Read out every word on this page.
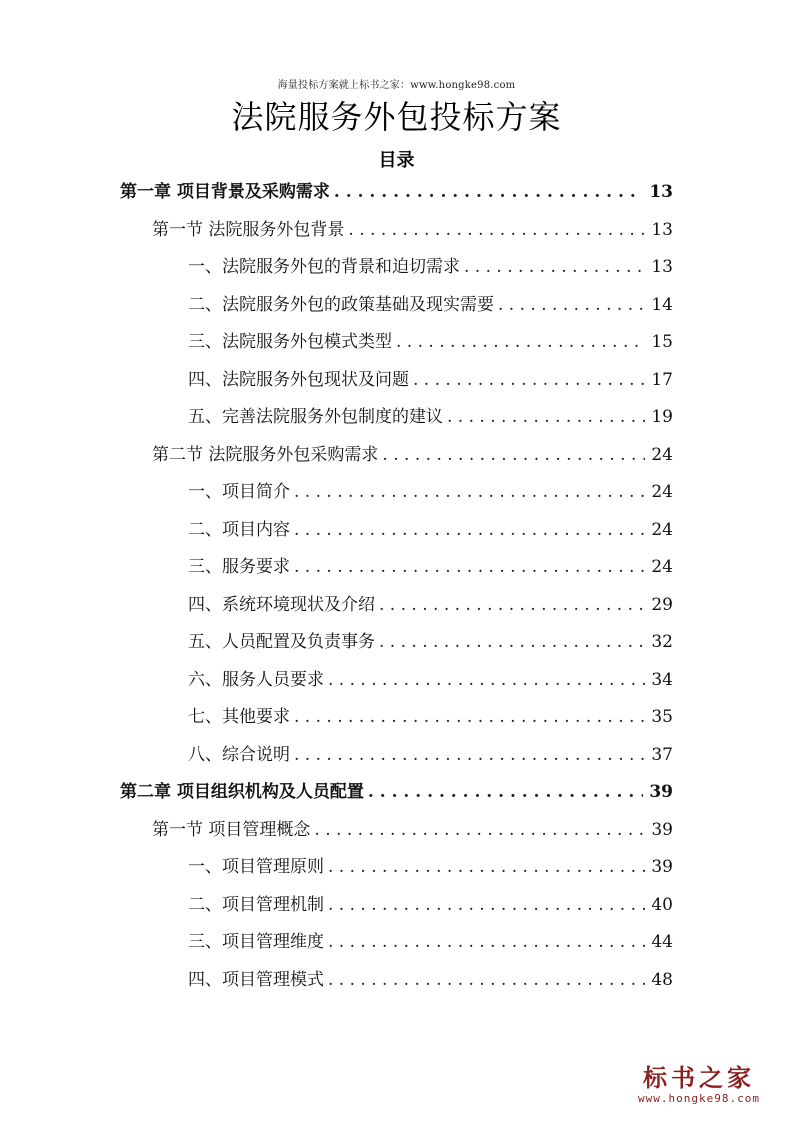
海量投标方案就上标书之家：www.hongke98.com
法院服务外包投标方案
目录
第一章 项目背景及采购需求 . . .	13
第一节 法院服务外包背景 . . .	13
一、法院服务外包的背景和迫切需求 . . .	13
二、法院服务外包的政策基础及现实需要 . . .	14
三、法院服务外包模式类型 . . .	15
四、法院服务外包现状及问题 . . .	17
五、完善法院服务外包制度的建议 . . .	19
第二节 法院服务外包采购需求 . . .	24
一、项目简介 . . .	24
二、项目内容 . . .	24
三、服务要求 . . .	24
四、系统环境现状及介绍 . . .	29
五、人员配置及负责事务 . . .	32
六、服务人员要求 . . .	34
七、其他要求 . . .	35
八、综合说明 . . .	37
第二章 项目组织机构及人员配置 . . .	39
第一节 项目管理概念 . . .	39
一、项目管理原则 . . .	39
二、项目管理机制 . . .	40
三、项目管理维度 . . .	44
四、项目管理模式 . . .	48
标书之家
www.hongke98.com
